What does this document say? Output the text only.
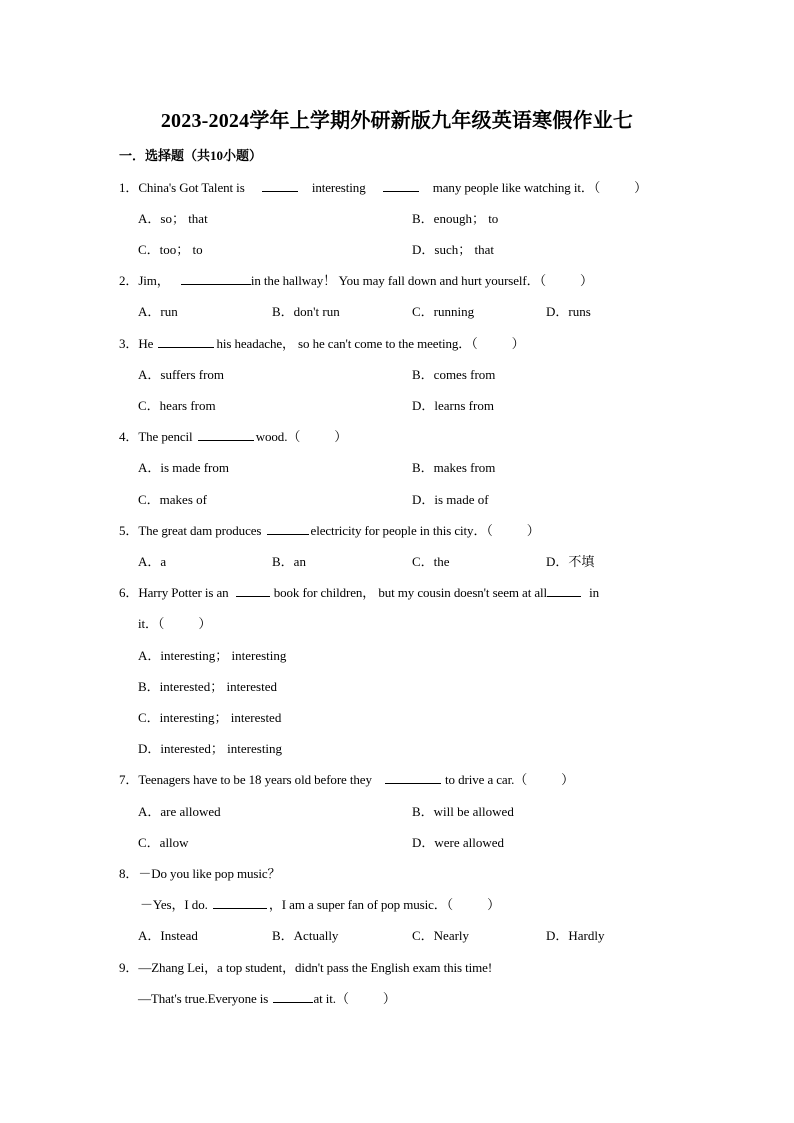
2023-2024学年上学期外研新版九年级英语寒假作业七
一．选择题（共10小题）
1．China's Got Talent is	interesting	many people like watching it．（	）
A．so； that	B．enough； to
C．too； to	D．such； that
2．Jim，	in the hallway！ You may fall down and hurt yourself．（	）
A．run	B．don't run	C．running	D．runs
3．He	his headache， so he can't come to the meeting．（	）
A．suffers from	B．comes from
C．hears from	D．learns from
4．The pencil	wood.（	）
A．is made from	B．makes from
C．makes of	D．is made of
5．The great dam produces	electricity for people in this city．（	）
A．a	B．an	C．the	D．不填
6．Harry Potter is an	book for children， but my cousin doesn't seem at all	in
it．（	）
A．interesting； interesting
B．interested； interested
C．interesting； interested
D．interested； interesting
7．Teenagers have to be 18 years old before they	to drive a car.（	）
A．are allowed	B．will be allowed
C．allow	D．were allowed
8．－Do you like pop music？
－Yes，I do.	，I am a super fan of pop music．（	）
A．Instead	B．Actually	C．Nearly	D．Hardly
9．—Zhang Lei，a top student，didn't pass the English exam this time!
—That's true.Everyone is	at it.（	）
